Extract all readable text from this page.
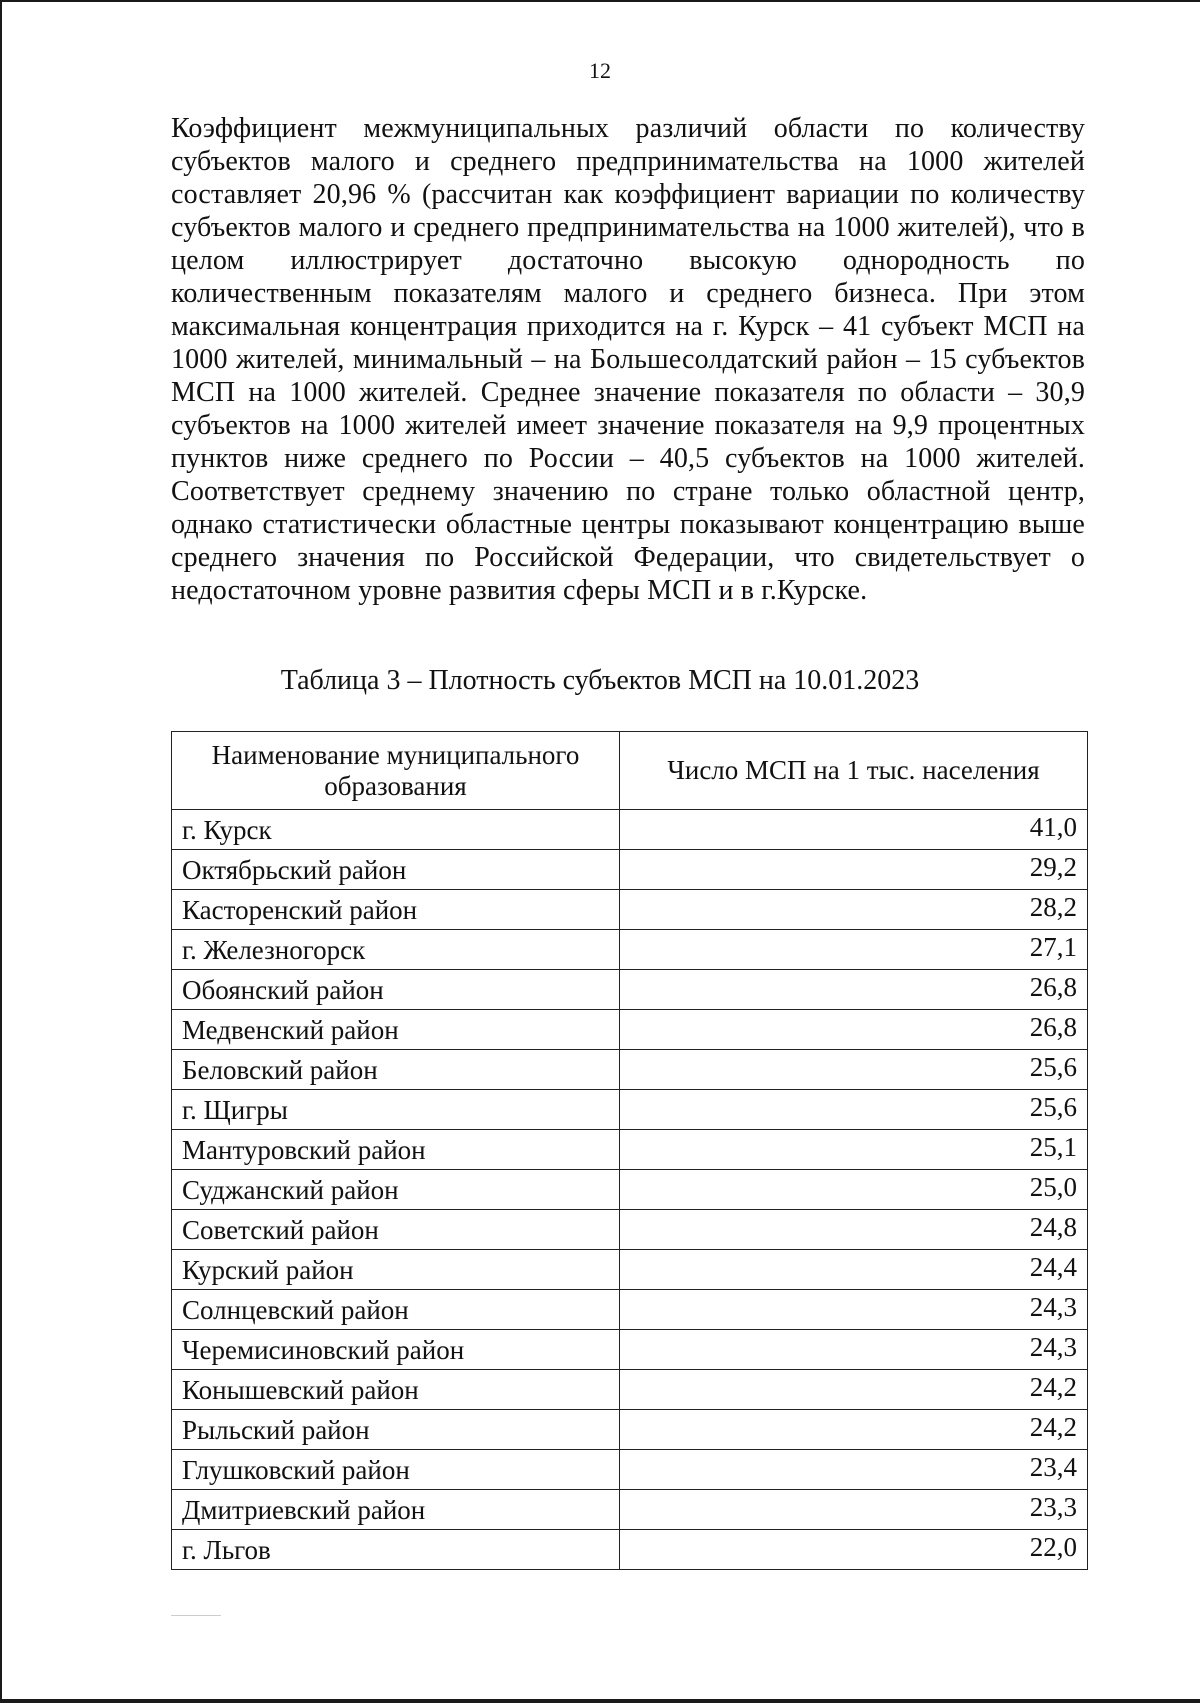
12

Коэффициент межмуниципальных различий области по количеству субъектов малого и среднего предпринимательства на 1000 жителей составляет 20,96 % (рассчитан как коэффициент вариации по количеству субъектов малого и среднего предпринимательства на 1000 жителей), что в целом иллюстрирует достаточно высокую однородность по количественным показателям малого и среднего бизнеса. При этом максимальная концентрация приходится на г. Курск – 41 субъект МСП на 1000 жителей, минимальный – на Большесолдатский район – 15 субъектов МСП на 1000 жителей. Среднее значение показателя по области – 30,9 субъектов на 1000 жителей имеет значение показателя на 9,9 процентных пунктов ниже среднего по России – 40,5 субъектов на 1000 жителей. Соответствует среднему значению по стране только областной центр, однако статистически областные центры показывают концентрацию выше среднего значения по Российской Федерации, что свидетельствует о недостаточном уровне развития сферы МСП и в г.Курске.

Таблица 3 – Плотность субъектов МСП на 10.01.2023
Наименование муниципального образования	Число МСП на 1 тыс. населения
г. Курск	41,0
Октябрьский район	29,2
Касторенский район	28,2
г. Железногорск	27,1
Обоянский район	26,8
Медвенский район	26,8
Беловский район	25,6
г. Щигры	25,6
Мантуровский район	25,1
Суджанский район	25,0
Советский район	24,8
Курский район	24,4
Солнцевский район	24,3
Черемисиновский район	24,3
Конышевский район	24,2
Рыльский район	24,2
Глушковский район	23,4
Дмитриевский район	23,3
г. Льгов	22,0
